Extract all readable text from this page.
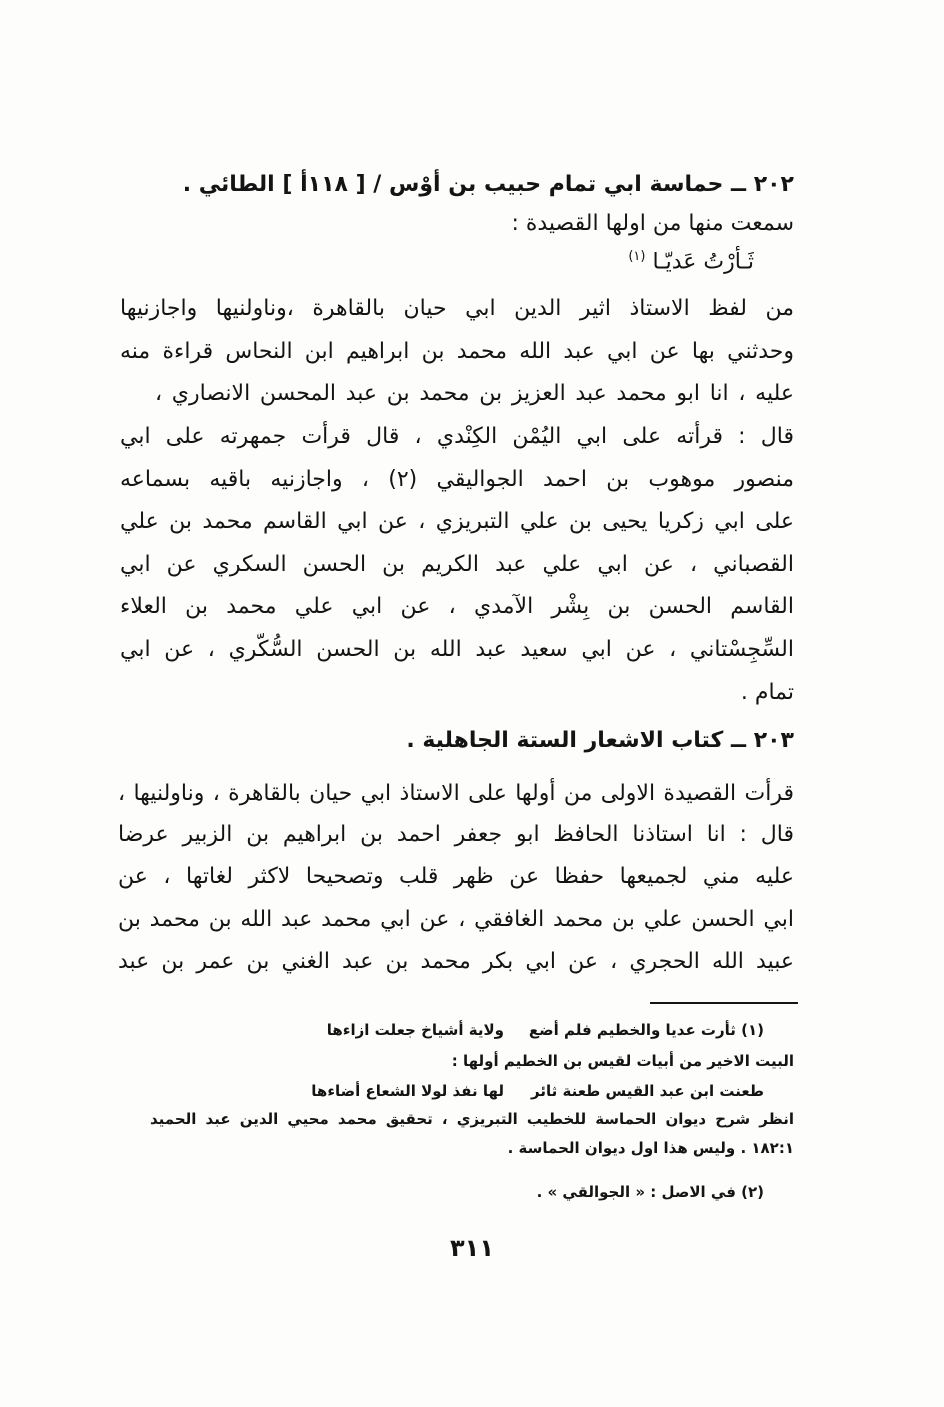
٢٠٢ ــ حماسة ابي تمام حبيب بن أوْس / [ ١١٨أ ] الطائي .
سمعت منها من اولها القصيدة :
ثَـأرْتُ عَديّـا $^{(١)}$
من لفظ الاستاذ اثير الدين ابي حيان بالقاهرة ،وناولنيها واجازنيها
وحدثني بها عن ابي عبد الله محمد بن ابراهيم ابن النحاس قراءة منه
عليه ، انا ابو محمد عبد العزيز بن محمد بن عبد المحسن الانصاري ،
قال : قرأته على ابي اليُمْن الكِنْدي ، قال قرأت جمهرته على ابي
منصور موهوب بن احمد الجواليقي (٢) ، واجازنيه باقيه بسماعه
على ابي زكريا يحيى بن علي التبريزي ، عن ابي القاسم محمد بن علي
القصباني ، عن ابي علي عبد الكريم بن الحسن السكري عن ابي
القاسم الحسن بن بِشْر الآمدي ، عن ابي علي محمد بن العلاء
السِّجِسْتاني ، عن ابي سعيد عبد الله بن الحسن السُّكّري ، عن ابي
تمام .
٢٠٣ ــ كتاب الاشعار الستة الجاهلية .
قرأت القصيدة الاولى من أولها على الاستاذ ابي حيان بالقاهرة ، وناولنيها ،
قال : انا استاذنا الحافظ ابو جعفر احمد بن ابراهيم بن الزبير عرضا
عليه مني لجميعها حفظا عن ظهر قلب وتصحيحا لاكثر لغاتها ، عن
ابي الحسن علي بن محمد الغافقي ، عن ابي محمد عبد الله بن محمد بن
عبيد الله الحجري ، عن ابي بكر محمد بن عبد الغني بن عمر بن عبد
(١) ثأرت عديا والخطيم فلم أضع
ولاية أشياخ جعلت ازاءها
البيت الاخير من أبيات لقيس بن الخطيم أولها :
طعنت ابن عبد القيس طعنة ثائر
لها نفذ لولا الشعاع أضاءها
انظر شرح ديوان الحماسة للخطيب التبريزي ، تحقيق محمد محيي الدين عبد الحميد
١٨٢:١ . وليس هذا اول ديوان الحماسة .
(٢) في الاصل : « الجوالقي » .
٣١١
